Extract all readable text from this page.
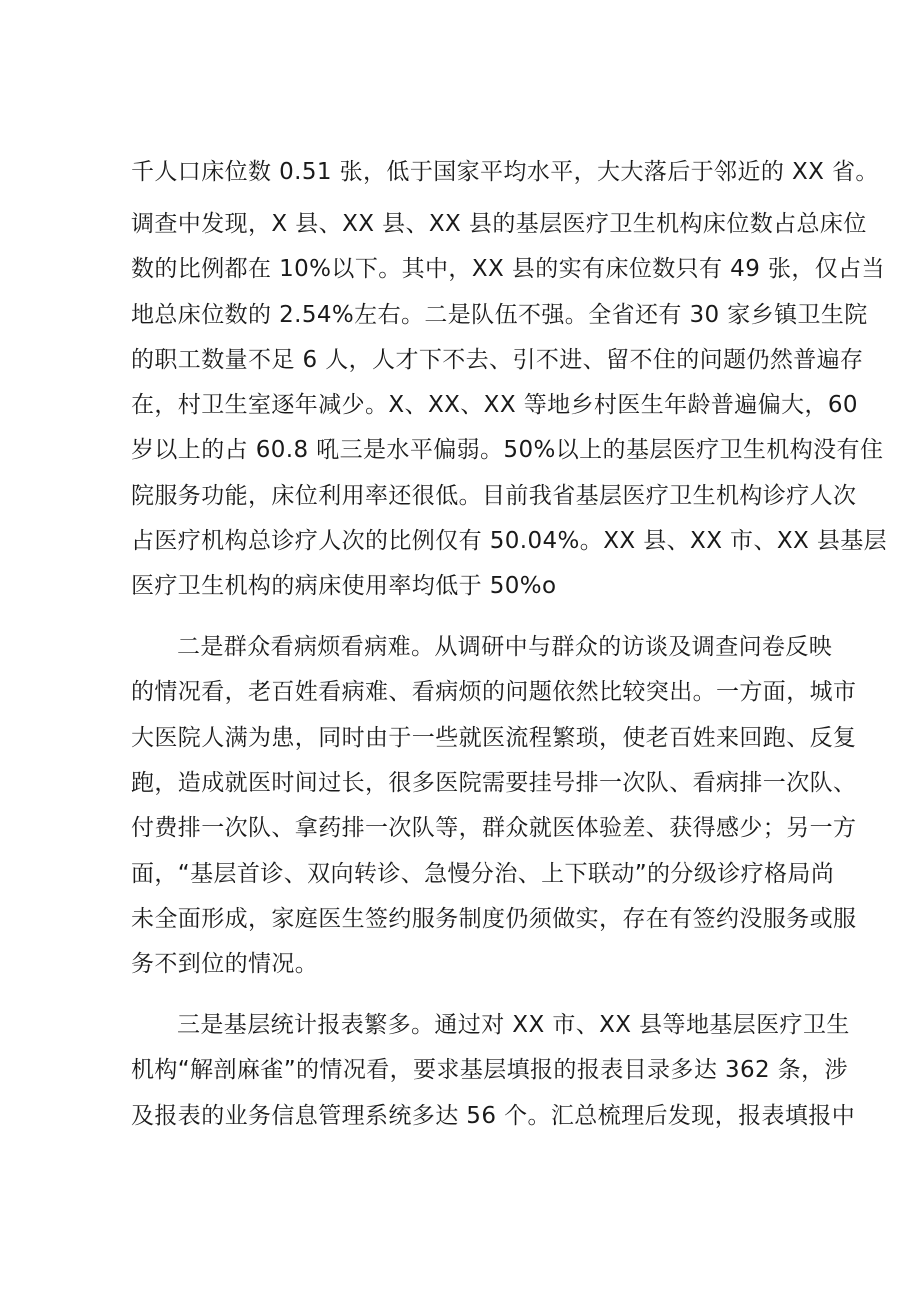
千人口床位数 0.51 张，低于国家平均水平，大大落后于邻近的 XX 省。
调查中发现，X 县、XX 县、XX 县的基层医疗卫生机构床位数占总床位
数的比例都在 10%以下。其中，XX 县的实有床位数只有 49 张，仅占当
地总床位数的 2.54%左右。二是队伍不强。全省还有 30 家乡镇卫生院
的职工数量不足 6 人，人才下不去、引不进、留不住的问题仍然普遍存
在，村卫生室逐年减少。X、XX、XX 等地乡村医生年龄普遍偏大，60
岁以上的占 60.8 吼三是水平偏弱。50%以上的基层医疗卫生机构没有住
院服务功能，床位利用率还很低。目前我省基层医疗卫生机构诊疗人次
占医疗机构总诊疗人次的比例仅有 50.04%。XX 县、XX 市、XX 县基层
医疗卫生机构的病床使用率均低于 50%o
二是群众看病烦看病难。从调研中与群众的访谈及调查问卷反映
的情况看，老百姓看病难、看病烦的问题依然比较突出。一方面，城市
大医院人满为患，同时由于一些就医流程繁琐，使老百姓来回跑、反复
跑，造成就医时间过长，很多医院需要挂号排一次队、看病排一次队、
付费排一次队、拿药排一次队等，群众就医体验差、获得感少；另一方
面，“基层首诊、双向转诊、急慢分治、上下联动”的分级诊疗格局尚
未全面形成，家庭医生签约服务制度仍须做实，存在有签约没服务或服
务不到位的情况。
三是基层统计报表繁多。通过对 XX 市、XX 县等地基层医疗卫生
机构“解剖麻雀”的情况看，要求基层填报的报表目录多达 362 条，涉
及报表的业务信息管理系统多达 56 个。汇总梳理后发现，报表填报中
